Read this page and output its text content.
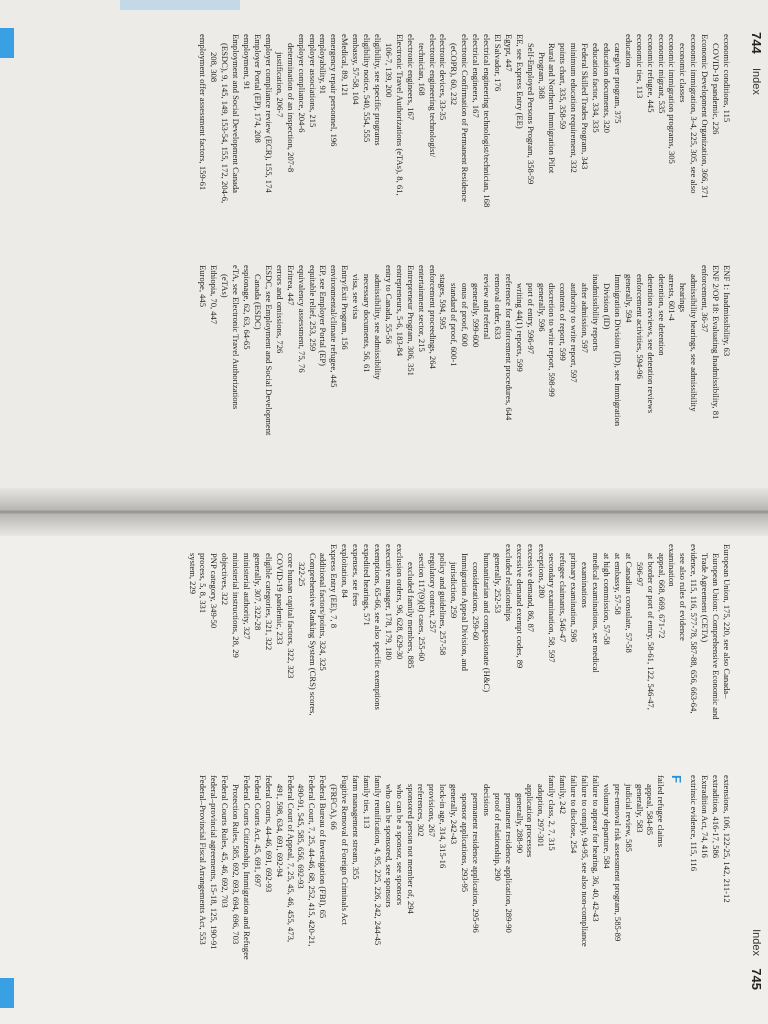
744
Index

economic conditions, 115

COVID-19 pandemic, 226

Economic Development Organization, 366, 371

economic immigration, 3-4, 225, 305, see also

economic classes

economic immigration programs, 305

economic migrant, 535

economic refugee, 445

economic ties, 113

education

caregiver program, 375

education documents, 320

education factor, 334, 335

Federal Skilled Trades Program, 343

minimum education requirement, 332

points chart, 335, 358-59

Rural and Northern Immigration Pilot

Program, 368

Self-Employed Persons Program, 358-59

EE, see Express Entry (EE)

Egypt, 447

El Salvador, 176

electrical engineering technologist/technician, 168

electrical engineers, 167

electronic Confirmation of Permanent Residence

(eCOPR), 60, 232

electronic devices, 33-35

electronic engineering technologist/

technician, 168

electronic engineers, 167

Electronic Travel Authorizations (eTAs), 8, 61,

106-7, 139, 200

eligibility, see specific programs

eligibility notice, 540, 554, 555

embassy, 57-58, 104

eMedical, 89, 121

emergency repair personnel, 196

employability, 91

employer associations, 215

employer compliance, 204-6

determination of an inspection, 207-8

justification, 206-7

employer compliance review (ECR), 155, 174

Employer Portal (EP), 174, 208

employment, 91

Employment and Social Development Canada

(ESDC), 9, 145, 149, 153-54, 155, 172, 204-6,

208, 308

employment offer assessment factors, 159-61

ENF 1: Inadmissibility, 63

ENF 2/OP 18: Evaluating Inadmissibility, 81

enforcement, 36-37

admissibility hearings, see admissibility

hearings

arrests, 601-4

detention, see detention

detention reviews, see detention reviews

enforcement activities, 594-96

generally, 594

Immigration Division (ID), see Immigration

Division (ID)

inadmissibility reports

after admission, 597

authority to write report, 597

contents of report, 599

discretion to write report, 598-99

generally, 596

port of entry, 596-97

writing 44(1) reports, 599

reference for enforcement procedures, 644

removal order, 633

review and referral

generally, 599-600

onus of proof, 600

standard of proof, 600-1

stages, 594, 595

enforcement proceedings, 264

entertainment sector, 215

Entrepreneur Program, 306, 351

entrepreneurs, 5-6, 183-84

entry to Canada, 55-56

admissibility, see admissibility

necessary documents, 56, 61

visa, see visa

Entry/Exit Program, 156

environmental/climate refugee, 445

EP, see Employer Portal (EP)

equitable relief, 253, 259

equivalency assessment, 75, 76

Eritrea, 447

errors and omissions, 726

ESDC, see Employment and Social Development

Canada (ESDC)

espionage, 62, 63, 64-65

eTA, see Electronic Travel Authorizations

(eTAs)

Ethiopia, 70, 447

Europe, 445

Index
745

European Union, 175, 220, see also Canada–

European Union: Comprehensive Economic and

Trade Agreement (CETA)

evidence, 115, 116, 577-78, 587-88, 656, 663-64,

see also rules of evidence

examination

appeal, 668, 669, 671-72

at border or port of entry, 58-61, 122, 546-47,

596-97

at Canadian consulate, 57-58

at embassy, 57-58

at high commission, 57-58

medical examinations, see medical

examinations

primary examination, 596

refugee claimants, 546-47

secondary examination, 58, 597

exceptions, 280

excessive demand, 86, 87

excessive demand exempt codes, 89

excluded relationships

generally, 252-53

humanitarian and compassionate (H&C)

considerations, 259-60

Immigration Appeal Division, and

jurisdiction, 259

policy and guidelines, 257-58

regulatory context, 257

section 117(9)(d) cases, 255-60

excluded family members, 885

exclusion orders, 96, 628, 629-30

executive manager, 178, 179, 180

exemptions, 65-66, see also specific exemptions

expedited hearings, 571

expenses, see fees

exploitation, 84

Express Entry (EE), 7, 8

additional factors/points, 324, 325

Comprehensive Ranking System (CRS) scores,

322-25

core human capital factors, 322, 323

COVID-19 pandemic, 233

eligible categories, 321, 322

generally, 307, 322-28

ministerial authority, 327

ministerial instructions, 28, 29

objectives, 322

PNP category, 349-50

process, 5, 8, 331

system, 229

extensions, 106, 122-25, 142, 211-12

extradition, 416-17, 586

Extradition Act, 74, 416

extrinsic evidence, 115, 116

F

failed refugee claims

appeal, 584-85

generally, 583

judicial review, 585

pre-removal risk assessment program, 585-89

voluntary departure, 584

failure to appear for hearing, 36, 40, 42-43

failure to comply, 94-95, see also non-compliance

failure to disclose, 254

family, 242

family class, 2, 7, 315

adoption, 297-301

application processes

generally, 288-90

permanent residence application, 289-90

proof of relationship, 290

decisions

permanent residence application, 295-96

sponsor applications, 293-95

generally, 242-43

lock-in age, 314, 315-16

provisions, 267

references, 302

sponsored person not member of, 294

who can be a sponsor, see sponsors

who can be sponsored, see sponsors

family reunification, 4, 95, 225, 226, 242, 244-45

family ties, 113

farm management stream, 355

Fugitive Removal of Foreign Criminals Act

(FRFCA), 66

Federal Bureau of Investigation (FBI), 65

Federal Court, 7, 25, 44-46, 68, 252, 415, 420-21,

490-91, 545, 585, 656, 692-93

Federal Court of Appeal, 7, 25, 45, 46, 455, 473,

491, 598, 634, 691, 692-94

federal courts, 44-46, 691, 692-93

Federal Courts Act, 45, 691, 697

Federal Courts Citizenship, Immigration and Refugee

Protection Rules, 585, 692, 693, 694, 696, 703

Federal Courts Rules, 45, 46, 692, 703

federal–provincial agreements, 15-18, 125, 190-91

Federal–Provincial Fiscal Arrangements Act, 553
